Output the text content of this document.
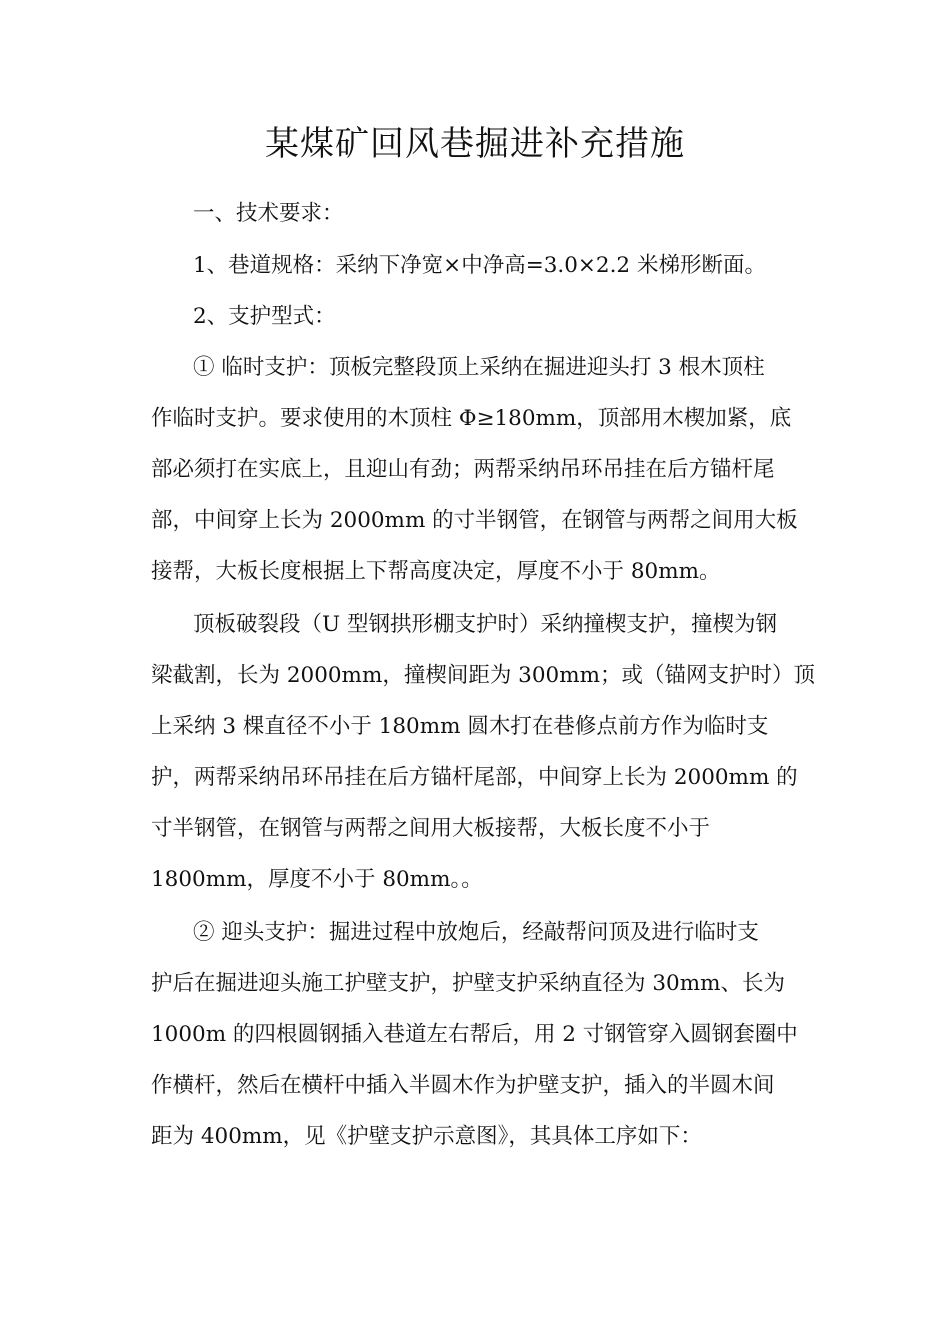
某煤矿回风巷掘进补充措施
一、技术要求：
1、巷道规格：采纳下净宽×中净高=3.0×2.2 米梯形断面。
2、支护型式：
① 临时支护：顶板完整段顶上采纳在掘进迎头打 3 根木顶柱
作临时支护。要求使用的木顶柱 Φ≥180mm，顶部用木楔加紧，底
部必须打在实底上，且迎山有劲；两帮采纳吊环吊挂在后方锚杆尾
部，中间穿上长为 2000mm 的寸半钢管，在钢管与两帮之间用大板
接帮，大板长度根据上下帮高度决定，厚度不小于 80mm。
顶板破裂段（U 型钢拱形棚支护时）采纳撞楔支护，撞楔为钢
梁截割，长为 2000mm，撞楔间距为 300mm；或（锚网支护时）顶
上采纳 3 棵直径不小于 180mm 圆木打在巷修点前方作为临时支
护，两帮采纳吊环吊挂在后方锚杆尾部，中间穿上长为 2000mm 的
寸半钢管，在钢管与两帮之间用大板接帮，大板长度不小于
1800mm，厚度不小于 80mm。。
② 迎头支护：掘进过程中放炮后，经敲帮问顶及进行临时支
护后在掘进迎头施工护壁支护，护壁支护采纳直径为 30mm、长为
1000m 的四根圆钢插入巷道左右帮后，用 2 寸钢管穿入圆钢套圈中
作横杆，然后在横杆中插入半圆木作为护壁支护，插入的半圆木间
距为 400mm，见《护壁支护示意图》，其具体工序如下：
